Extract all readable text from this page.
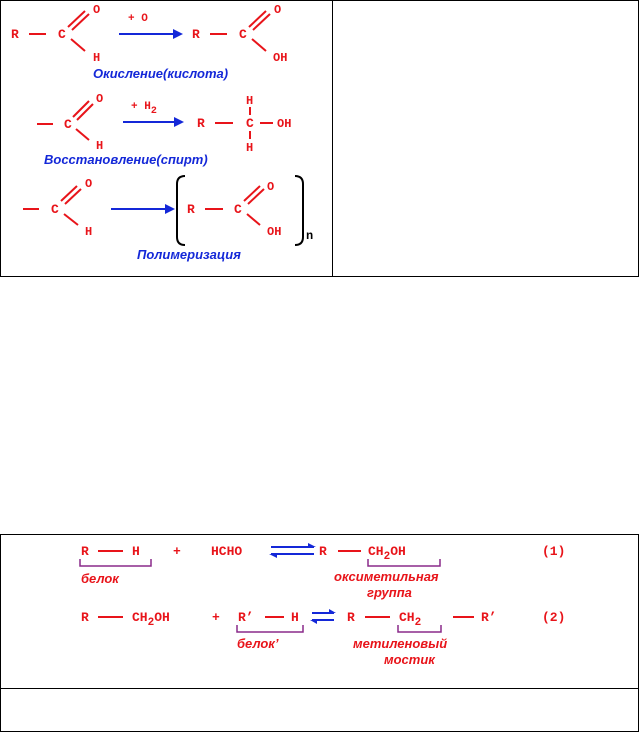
R	C
O
H
+ O
R	C
O
OH
Окисление(кислота)
C
O
H
+ H2
R	C
H
OH
H
Восстановление(спирт)
C
O
H
R	C
O
OH n
Полимеризация
R	H
белок
+ HCHO	R	$CH_2OH$
оксиметильная
группа
(1)
R	$CH_2OH$	+ R’	H
белок’
R	$CH_2$	R’
метиленовый
мостик
(2)
